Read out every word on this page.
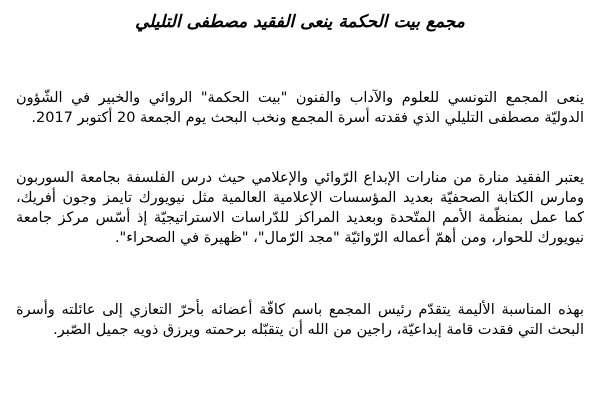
مجمع بيت الحكمة ينعى الفقيد مصطفى التليلي
ينعى المجمع التونسي للعلوم والآداب والفنون "بيت الحكمة" الروائي والخبير في الشّؤون الدوليّة مصطفى التليلي الذي فقدته أسرة المجمع ونخب البحث يوم الجمعة 20 أكتوبر 2017.
يعتبر الفقيد منارة من منارات الإبداع الرّوائي والإعلامي حيث درس الفلسفة بجامعة السوربون ومارس الكتابة الصحفيّة بعديد المؤسسات الإعلامية العالمية مثل نيويورك تايمز وجون أفريك، كما عمل بمنظّمة الأمم المتّحدة وبعديد المراكز للدّراسات الاستراتيجيّة إذ أسّس مركز جامعة نيويورك للحوار، ومن أهمّ أعماله الرّوائيّة "مجد الرّمال"، "ظهيرة في الصحراء".
بهذه المناسبة الأليمة يتقدّم رئيس المجمع باسم كافّة أعضائه بأحرّ التعازي إلى عائلته وأسرة البحث التي فقدت قامة إبداعيّة، راجين من الله أن يتقبّله برحمته ويرزق ذويه جميل الصّبر.
